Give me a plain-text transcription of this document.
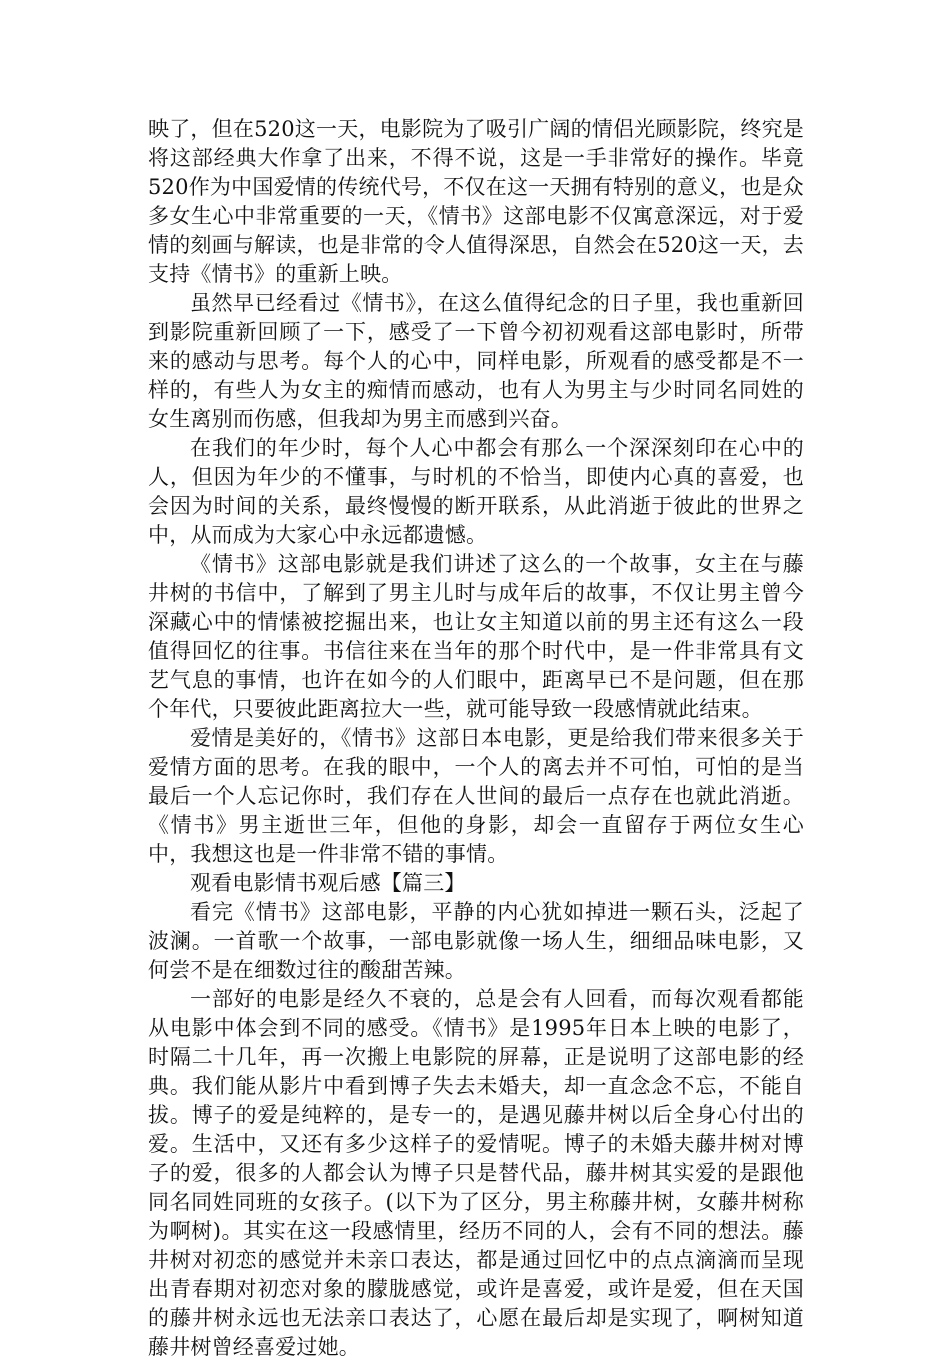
映了，但在520这一天，电影院为了吸引广阔的情侣光顾影院，终究是将这部经典大作拿了出来，不得不说，这是一手非常好的操作。毕竟520作为中国爱情的传统代号，不仅在这一天拥有特别的意义，也是众多女生心中非常重要的一天，《情书》这部电影不仅寓意深远，对于爱情的刻画与解读，也是非常的令人值得深思，自然会在520这一天，去支持《情书》的重新上映。

虽然早已经看过《情书》，在这么值得纪念的日子里，我也重新回到影院重新回顾了一下，感受了一下曾今初初观看这部电影时，所带来的感动与思考。每个人的心中，同样电影，所观看的感受都是不一样的，有些人为女主的痴情而感动，也有人为男主与少时同名同姓的女生离别而伤感，但我却为男主而感到兴奋。

在我们的年少时，每个人心中都会有那么一个深深刻印在心中的人，但因为年少的不懂事，与时机的不恰当，即使内心真的喜爱，也会因为时间的关系，最终慢慢的断开联系，从此消逝于彼此的世界之中，从而成为大家心中永远都遗憾。

《情书》这部电影就是我们讲述了这么的一个故事，女主在与藤井树的书信中，了解到了男主儿时与成年后的故事，不仅让男主曾今深藏心中的情愫被挖掘出来，也让女主知道以前的男主还有这么一段值得回忆的往事。书信往来在当年的那个时代中，是一件非常具有文艺气息的事情，也许在如今的人们眼中，距离早已不是问题，但在那个年代，只要彼此距离拉大一些，就可能导致一段感情就此结束。

爱情是美好的，《情书》这部日本电影，更是给我们带来很多关于爱情方面的思考。在我的眼中，一个人的离去并不可怕，可怕的是当最后一个人忘记你时，我们存在人世间的最后一点存在也就此消逝。《情书》男主逝世三年，但他的身影，却会一直留存于两位女生心中，我想这也是一件非常不错的事情。

观看电影情书观后感【篇三】

看完《情书》这部电影，平静的内心犹如掉进一颗石头，泛起了波澜。一首歌一个故事，一部电影就像一场人生，细细品味电影，又何尝不是在细数过往的酸甜苦辣。

一部好的电影是经久不衰的，总是会有人回看，而每次观看都能从电影中体会到不同的感受。《情书》是1995年日本上映的电影了，时隔二十几年，再一次搬上电影院的屏幕，正是说明了这部电影的经典。我们能从影片中看到博子失去未婚夫，却一直念念不忘，不能自拔。博子的爱是纯粹的，是专一的，是遇见藤井树以后全身心付出的爱。生活中，又还有多少这样子的爱情呢。博子的未婚夫藤井树对博子的爱，很多的人都会认为博子只是替代品，藤井树其实爱的是跟他同名同姓同班的女孩子。(以下为了区分，男主称藤井树，女藤井树称为啊树)。其实在这一段感情里，经历不同的人，会有不同的想法。藤井树对初恋的感觉并未亲口表达，都是通过回忆中的点点滴滴而呈现出青春期对初恋对象的朦胧感觉，或许是喜爱，或许是爱，但在天国的藤井树永远也无法亲口表达了，心愿在最后却是实现了，啊树知道藤井树曾经喜爱过她。
